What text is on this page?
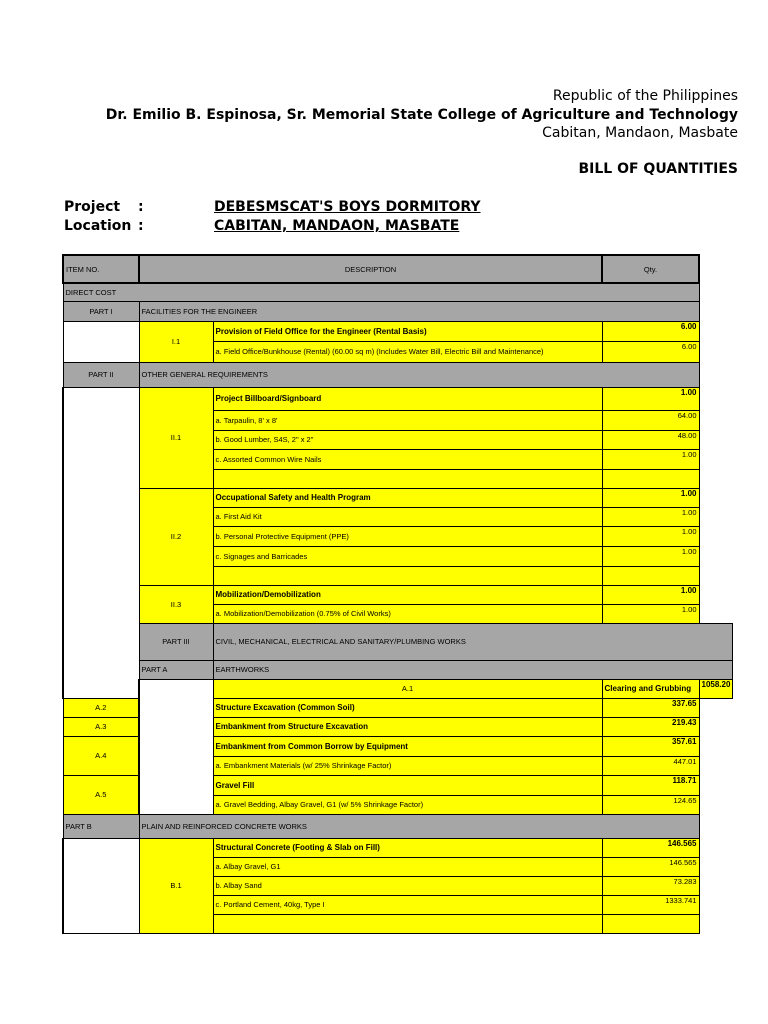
Republic of the Philippines
Dr. Emilio B. Espinosa, Sr. Memorial State College of Agriculture and Technology
Cabitan, Mandaon, Masbate
BILL OF QUANTITIES
Project :	DEBESMSCAT'S BOYS DORMITORY
Location :	CABITAN, MANDAON, MASBATE
ITEM NO.	DESCRIPTION		Qty.	
DIRECT COST				
PART I	FACILITIES FOR THE ENGINEER			
	I.1	Provision of Field Office for the Engineer (Rental Basis)	6.00	
		a. Field Office/Bunkhouse (Rental) (60.00 sq m) (Includes Water Bill, Electric Bill and Maintenance)	6.00	
PART II	OTHER GENERAL REQUIREMENTS			
	II.1	Project Billboard/Signboard	1.00	
		a. Tarpaulin, 8' x 8'	64.00	
		b. Good Lumber, S4S, 2" x 2"	48.00	
		c. Assorted Common Wire Nails	1.00	

	II.2	Occupational Safety and Health Program	1.00	
		a. First Aid Kit	1.00	
		b. Personal Protective Equipment (PPE)	1.00	
		c. Signages and Barricades	1.00	

	II.3	Mobilization/Demobilization	1.00	
		a. Mobilization/Demobilization (0.75% of Civil Works)	1.00	
	PART III	CIVIL, MECHANICAL, ELECTRICAL AND SANITARY/PLUMBING WORKS		
	PART A	EARTHWORKS		
		A.1	Clearing and Grubbing	1058.20
A.2		Structure Excavation (Common Soil)	337.65	
A.3		Embankment from Structure Excavation	219.43	
A.4		Embankment from Common Borrow by Equipment	357.61	
		a. Embankment Materials (w/ 25% Shrinkage Factor)	447.01	
A.5		Gravel Fill	118.71	
		a. Gravel Bedding, Albay Gravel, G1 (w/ 5% Shrinkage Factor)	124.65	
PART B	PLAIN AND REINFORCED CONCRETE WORKS			
	B.1	Structural Concrete (Footing & Slab on Fill)	146.565	
		a. Albay Gravel, G1	146.565	
		b. Albay Sand	73.283	
		c. Portland Cement, 40kg, Type I	1333.741	
